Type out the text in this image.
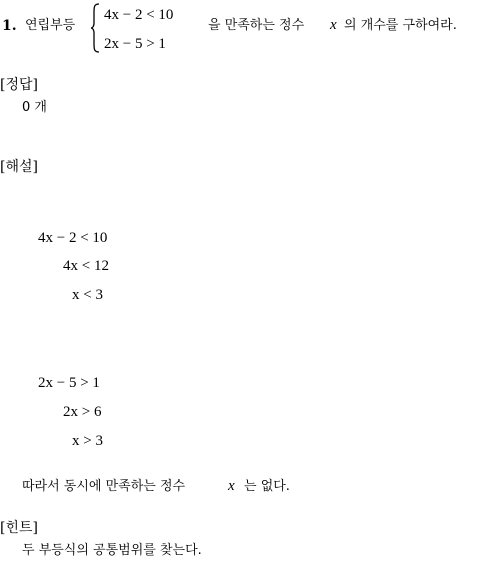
1. 연립부등
4x − 2 < 10
2x − 5 > 1
을 만족하는 정수 x 의 개수를 구하여라.
[정답]
0 개
[해설]
4x − 2 < 10
4x < 12
x < 3
2x − 5 > 1
2x > 6
x > 3
따라서 동시에 만족하는 정수	x 는 없다.
[힌트]
두 부등식의 공통범위를 찾는다.
